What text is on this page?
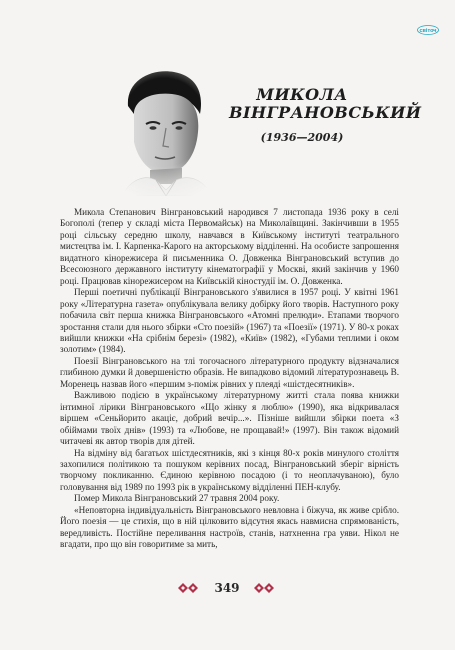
світоч
МИКОЛА
ВІНГРАНОВСЬКИЙ
(1936—2004)

Микола Степанович Вінграновський народився 7 листопада 1936 року в селі Богополі (тепер у складі міста Первомайськ) на Миколаївщині. Закінчивши в 1955 році сільську середню школу, навчався в Київському інституті театрального мистецтва ім. І. Карпенка-Карого на акторському відділенні. На особисте запрошення видатного кінорежисера й письменника О. Довженка Вінграновський вступив до Всесоюзного державного інституту кінематографії у Москві, який закінчив у 1960 році. Працював кінорежисером на Київській кіностудії ім. О. Довженка.

Перші поетичні публікації Вінграновського з'явилися в 1957 році. У квітні 1961 року «Літературна газета» опублікувала велику добірку його творів. Наступного року побачила світ перша книжка Вінграновського «Атомні прелюди». Етапами творчого зростання стали для нього збірки «Сто поезій» (1967) та «Поезії» (1971). У 80-х роках вийшли книжки «На срібнім березі» (1982), «Київ» (1982), «Губами теплими і оком золотим» (1984).

Поезії Вінграновського на тлі тогочасного літературного продукту відзначалися глибиною думки й довершеністю образів. Не випадково відомий літературознавець В. Моренець назвав його «першим з-поміж рівних у плеяді «шістдесятників».

Важливою подією в українському літературному житті стала поява книжки інтимної лірики Вінграновського «Що жінку я люблю» (1990), яка відкривалася віршем «Сеньйорито акаціє, добрий вечір...». Пізніше вийшли збірки поета «З обіймами твоїх днів» (1993) та «Любове, не прощавай!» (1997). Він також відомий читачеві як автор творів для дітей.

На відміну від багатьох шістдесятників, які з кінця 80-х років минулого століття захопилися політикою та пошуком керівних посад, Вінграновський зберіг вірність творчому покликанню. Єдиною керівною посадою (і то неоплачуваною), було головування від 1989 по 1993 рік в українському відділенні ПЕН-клубу.

Помер Микола Вінграновський 27 травня 2004 року.

«Неповторна індивідуальність Вінграновського невловна і біжуча, як живе срібло. Його поезія — це стихія, що в ній цілковито відсутня якась навмисна спрямованість, вередливість. Постійне переливання настроїв, станів, натхненна гра уяви. Нікол не вгадати, про що він говоритиме за мить,

349
